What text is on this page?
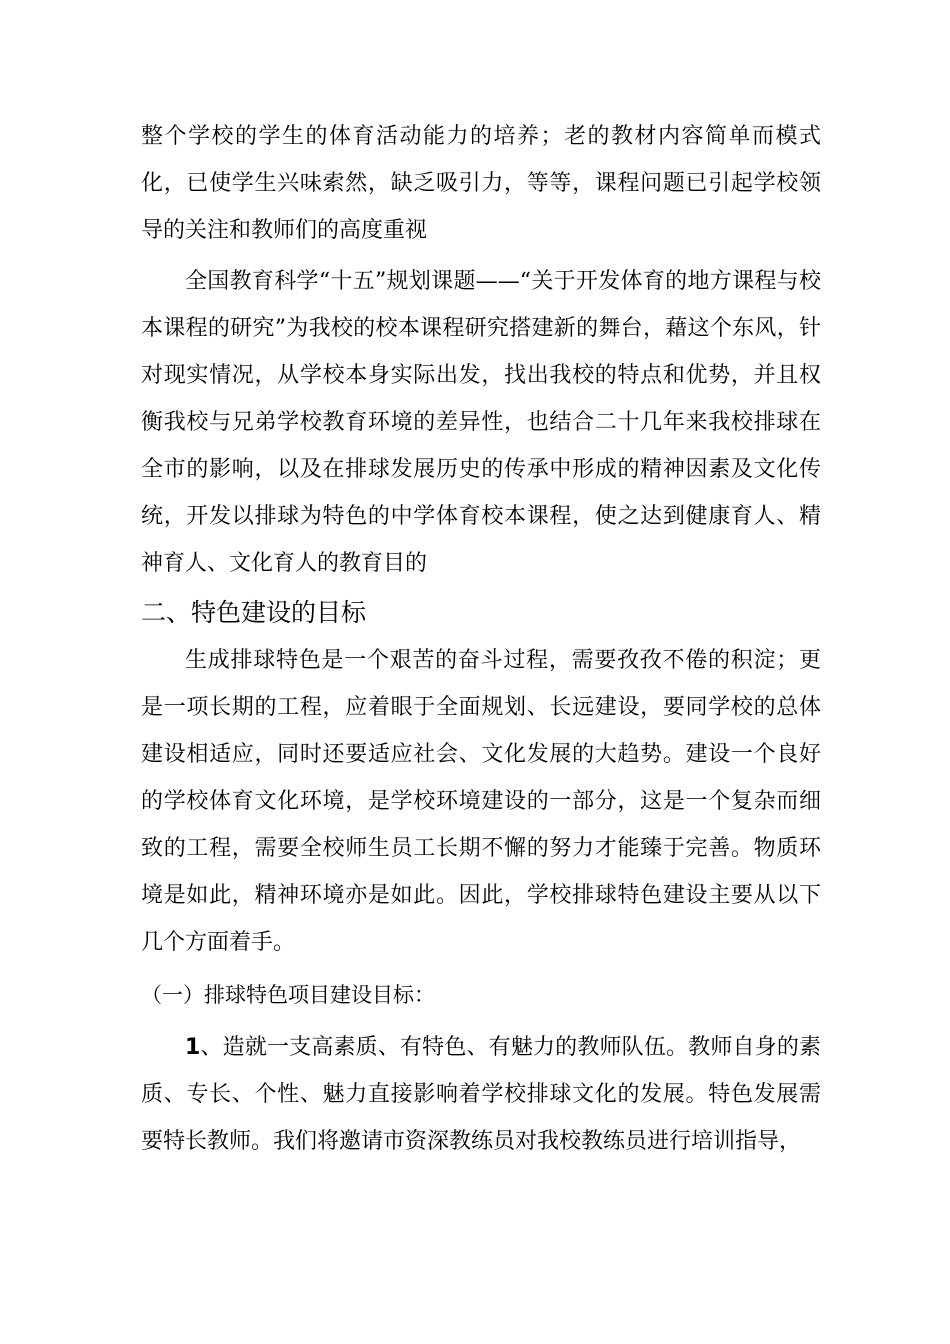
整个学校的学生的体育活动能力的培养；老的教材内容简单而模式化，已使学生兴味索然，缺乏吸引力，等等，课程问题已引起学校领导的关注和教师们的高度重视

全国教育科学“十五”规划课题——“关于开发体育的地方课程与校本课程的研究”为我校的校本课程研究搭建新的舞台，藉这个东风，针对现实情况，从学校本身实际出发，找出我校的特点和优势，并且权衡我校与兄弟学校教育环境的差异性，也结合二十几年来我校排球在全市的影响，以及在排球发展历史的传承中形成的精神因素及文化传统，开发以排球为特色的中学体育校本课程，使之达到健康育人、精神育人、文化育人的教育目的

二、特色建设的目标

生成排球特色是一个艰苦的奋斗过程，需要孜孜不倦的积淀；更是一项长期的工程，应着眼于全面规划、长远建设，要同学校的总体建设相适应，同时还要适应社会、文化发展的大趋势。建设一个良好的学校体育文化环境，是学校环境建设的一部分，这是一个复杂而细致的工程，需要全校师生员工长期不懈的努力才能臻于完善。物质环境是如此，精神环境亦是如此。因此，学校排球特色建设主要从以下几个方面着手。

（一）排球特色项目建设目标：

1、造就一支高素质、有特色、有魅力的教师队伍。教师自身的素质、专长、个性、魅力直接影响着学校排球文化的发展。特色发展需要特长教师。我们将邀请市资深教练员对我校教练员进行培训指导，
